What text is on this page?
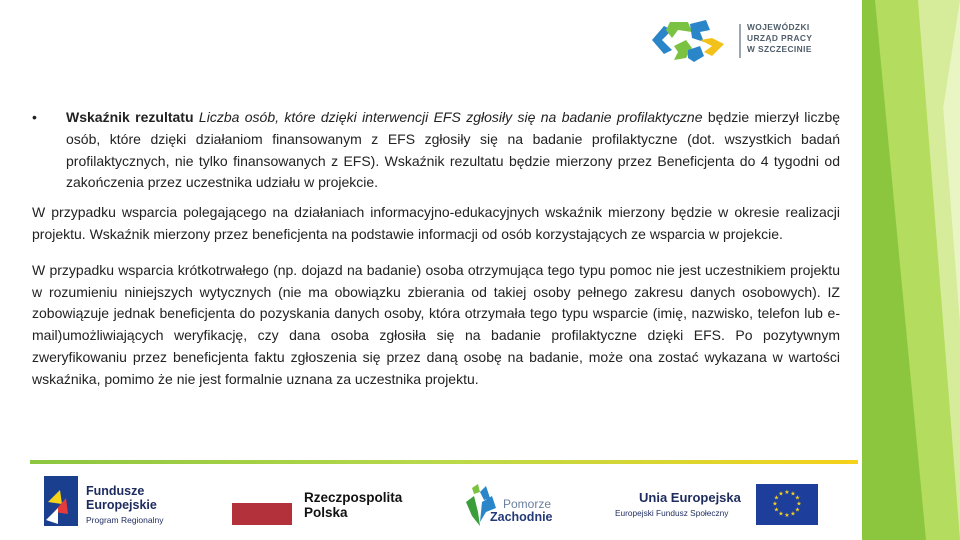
WOJEWÓDZKI
URZĄD PRACY
W SZCZECINIE
• Wskaźnik rezultatu Liczba osób, które dzięki interwencji EFS zgłosiły się na badanie profilaktyczne będzie mierzył liczbę osób, które dzięki działaniom finansowanym z EFS zgłosiły się na badanie profilaktyczne (dot. wszystkich badań profilaktycznych, nie tylko finansowanych z EFS). Wskaźnik rezultatu będzie mierzony przez Beneficjenta do 4 tygodni od zakończenia przez uczestnika udziału w projekcie.

W przypadku wsparcia polegającego na działaniach informacyjno-edukacyjnych wskaźnik mierzony będzie w okresie realizacji projektu. Wskaźnik mierzony przez beneficjenta na podstawie informacji od osób korzystających ze wsparcia w projekcie.

W przypadku wsparcia krótkotrwałego (np. dojazd na badanie) osoba otrzymująca tego typu pomoc nie jest uczestnikiem projektu w rozumieniu niniejszych wytycznych (nie ma obowiązku zbierania od takiej osoby pełnego zakresu danych osobowych). IZ zobowiązuje jednak beneficjenta do pozyskania danych osoby, która otrzymała tego typu wsparcie (imię, nazwisko, telefon lub e-mail)umożliwiających weryfikację, czy dana osoba zgłosiła się na badanie profilaktyczne dzięki EFS. Po pozytywnym zweryfikowaniu przez beneficjenta faktu zgłoszenia się przez daną osobę na badanie, może ona zostać wykazana w wartości wskaźnika, pomimo że nie jest formalnie uznana za uczestnika projektu.

Fundusze
Europejskie
Program Regionalny
Rzeczpospolita
Polska
Pomorze
Zachodnie
Unia Europejska
Europejski Fundusz Społeczny
★ ★
★
★
★
★
★
★
★
★
★
★
